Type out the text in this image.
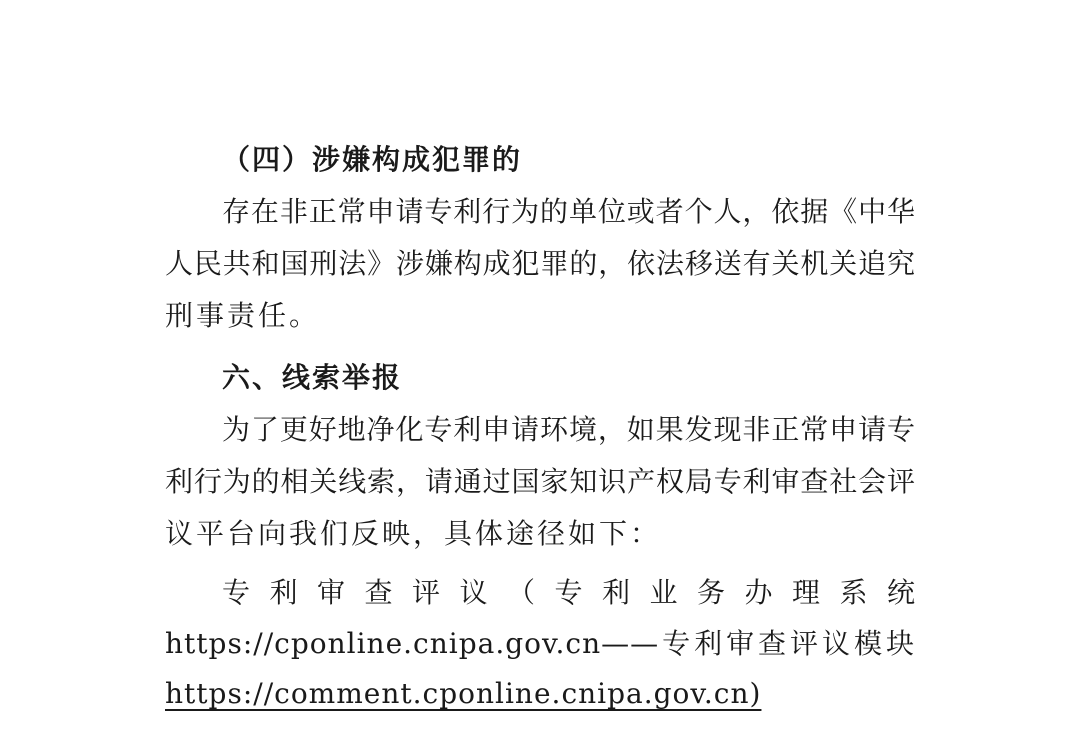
（四）涉嫌构成犯罪的
存在非正常申请专利行为的单位或者个人，依据《中华
人民共和国刑法》涉嫌构成犯罪的，依法移送有关机关追究
刑事责任。
六、线索举报
为了更好地净化专利申请环境，如果发现非正常申请专
利行为的相关线索，请通过国家知识产权局专利审查社会评
议平台向我们反映，具体途径如下：
专利审查评议（专利业务办理系统
https://cponline.cnipa.gov.cn——专利审查评议模块
https://comment.cponline.cnipa.gov.cn)
